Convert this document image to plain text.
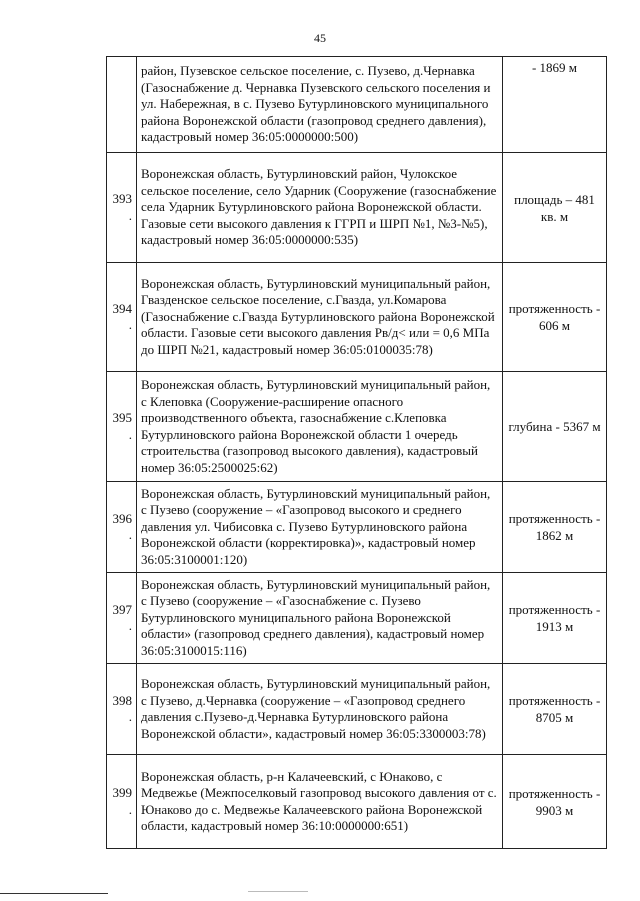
45
	район, Пузевское сельское поселение, с. Пузево, д.Чернавка (Газоснабжение д. Чернавка Пузевского сельского поселения и ул. Набережная, в с. Пузево Бутурлиновского муниципального района Воронежской области (газопровод среднего давления), кадастровый номер 36:05:0000000:500)	- 1869 м
393.	Воронежская область, Бутурлиновский район, Чулокское сельское поселение, село Ударник (Сооружение (газоснабжение села Ударник Бутурлиновского района Воронежской области. Газовые сети высокого давления к ГГРП и ШРП №1, №3-№5), кадастровый номер 36:05:0000000:535)	площадь – 481 кв. м
394.	Воронежская область, Бутурлиновский муниципальный район, Гвазденское сельское поселение, с.Гвазда, ул.Комарова (Газоснабжение с.Гвазда Бутурлиновского района Воронежской области. Газовые сети высокого давления Рв/д< или = 0,6 МПа до ШРП №21, кадастровый номер 36:05:0100035:78)	протяженность - 606 м
395.	Воронежская область, Бутурлиновский муниципальный район, с Клеповка (Сооружение-расширение опасного производственного объекта, газоснабжение с.Клеповка Бутурлиновского района Воронежской области 1 очередь строительства (газопровод высокого давления), кадастровый номер 36:05:2500025:62)	глубина - 5367 м
396.	Воронежская область, Бутурлиновский муниципальный район, с Пузево (сооружение – «Газопровод высокого и среднего давления ул. Чибисовка с. Пузево Бутурлиновского района Воронежской области (корректировка)», кадастровый номер 36:05:3100001:120)	протяженность - 1862 м
397.	Воронежская область, Бутурлиновский муниципальный район, с Пузево (сооружение – «Газоснабжение с. Пузево Бутурлиновского муниципального района Воронежской области» (газопровод среднего давления), кадастровый номер 36:05:3100015:116)	протяженность - 1913 м
398.	Воронежская область, Бутурлиновский муниципальный район, с Пузево, д.Чернавка (сооружение – «Газопровод среднего давления с.Пузево-д.Чернавка Бутурлиновского района Воронежской области», кадастровый номер 36:05:3300003:78)	протяженность - 8705 м
399.	Воронежская область, р-н Калачеевский, с Юнаково, с Медвежье (Межпоселковый газопровод высокого давления от с. Юнаково до с. Медвежье Калачеевского района Воронежской области, кадастровый номер 36:10:0000000:651)	протяженность - 9903 м
